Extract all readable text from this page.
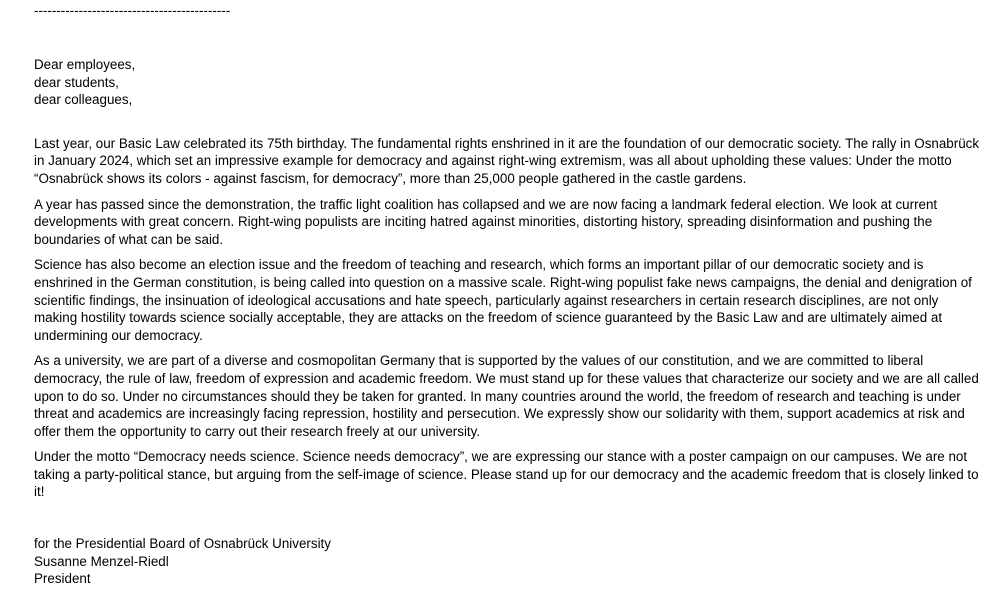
--------------------------------------------
Dear employees,
dear students,
dear colleagues,

Last year, our Basic Law celebrated its 75th birthday. The fundamental rights enshrined in it are the foundation of our democratic society. The rally in Osnabrück in January 2024, which set an impressive example for democracy and against right-wing extremism, was all about upholding these values: Under the motto “Osnabrück shows its colors - against fascism, for democracy”, more than 25,000 people gathered in the castle gardens.

A year has passed since the demonstration, the traffic light coalition has collapsed and we are now facing a landmark federal election. We look at current developments with great concern. Right-wing populists are inciting hatred against minorities, distorting history, spreading disinformation and pushing the boundaries of what can be said.

Science has also become an election issue and the freedom of teaching and research, which forms an important pillar of our democratic society and is enshrined in the German constitution, is being called into question on a massive scale. Right-wing populist fake news campaigns, the denial and denigration of scientific findings, the insinuation of ideological accusations and hate speech, particularly against researchers in certain research disciplines, are not only making hostility towards science socially acceptable, they are attacks on the freedom of science guaranteed by the Basic Law and are ultimately aimed at undermining our democracy.

As a university, we are part of a diverse and cosmopolitan Germany that is supported by the values of our constitution, and we are committed to liberal democracy, the rule of law, freedom of expression and academic freedom. We must stand up for these values that characterize our society and we are all called upon to do so. Under no circumstances should they be taken for granted. In many countries around the world, the freedom of research and teaching is under threat and academics are increasingly facing repression, hostility and persecution. We expressly show our solidarity with them, support academics at risk and offer them the opportunity to carry out their research freely at our university.

Under the motto “Democracy needs science. Science needs democracy”, we are expressing our stance with a poster campaign on our campuses. We are not taking a party-political stance, but arguing from the self-image of science. Please stand up for our democracy and the academic freedom that is closely linked to it!

for the Presidential Board of Osnabrück University
Susanne Menzel-Riedl
President
